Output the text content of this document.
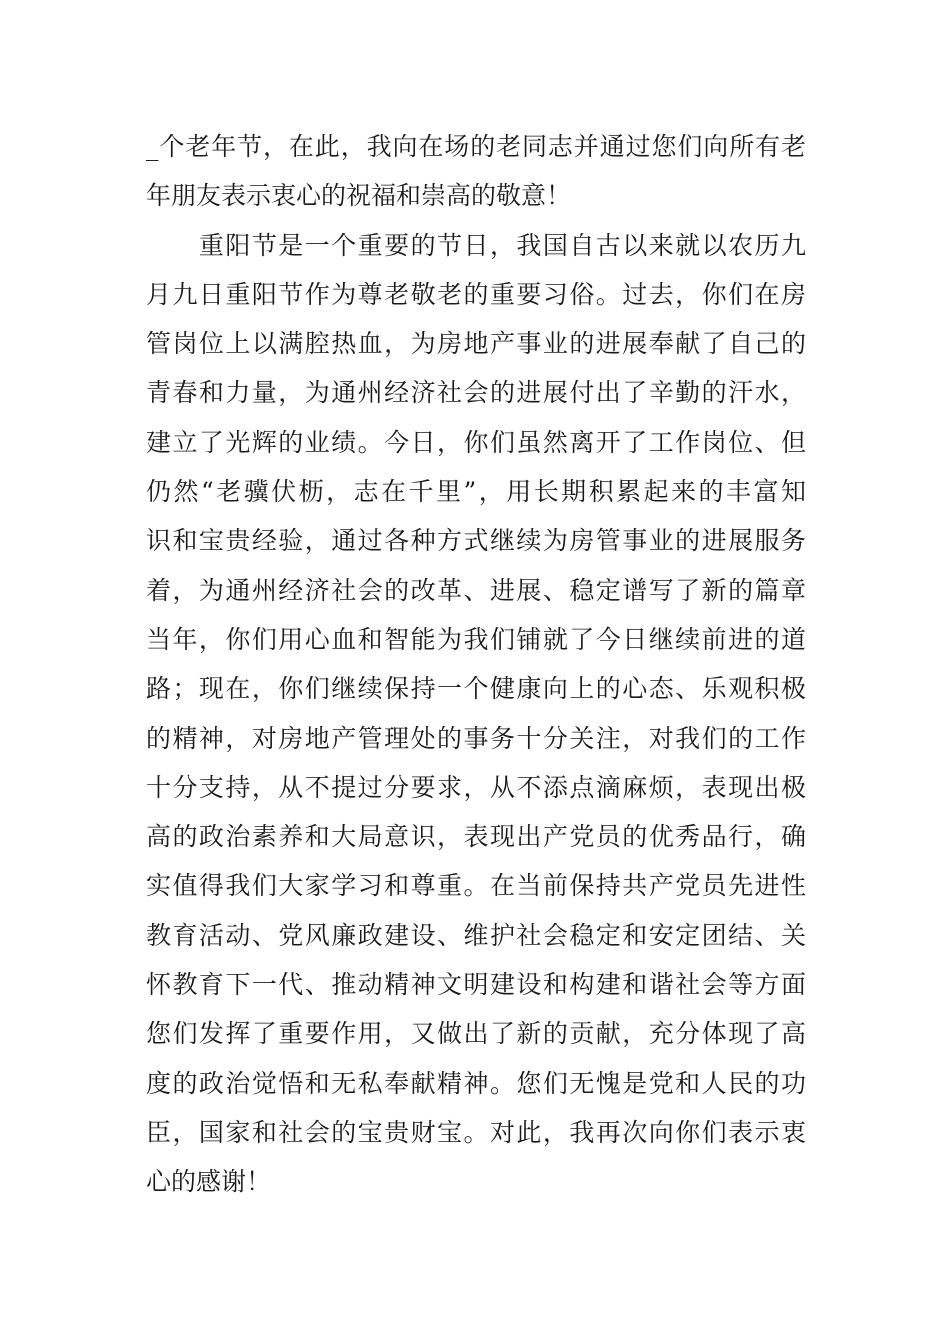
_个老年节，在此，我向在场的老同志并通过您们向所有老
年朋友表示衷心的祝福和崇高的敬意！
　　重阳节是一个重要的节日，我国自古以来就以农历九
月九日重阳节作为尊老敬老的重要习俗。过去，你们在房
管岗位上以满腔热血，为房地产事业的进展奉献了自己的
青春和力量，为通州经济社会的进展付出了辛勤的汗水，
建立了光辉的业绩。今日，你们虽然离开了工作岗位、但
仍然“老骥伏枥，志在千里”，用长期积累起来的丰富知
识和宝贵经验，通过各种方式继续为房管事业的进展服务
着，为通州经济社会的改革、进展、稳定谱写了新的篇章
当年，你们用心血和智能为我们铺就了今日继续前进的道
路；现在，你们继续保持一个健康向上的心态、乐观积极
的精神，对房地产管理处的事务十分关注，对我们的工作
十分支持，从不提过分要求，从不添点滴麻烦，表现出极
高的政治素养和大局意识，表现出产党员的优秀品行，确
实值得我们大家学习和尊重。在当前保持共产党员先进性
教育活动、党风廉政建设、维护社会稳定和安定团结、关
怀教育下一代、推动精神文明建设和构建和谐社会等方面
您们发挥了重要作用，又做出了新的贡献，充分体现了高
度的政治觉悟和无私奉献精神。您们无愧是党和人民的功
臣，国家和社会的宝贵财宝。对此，我再次向你们表示衷
心的感谢！
